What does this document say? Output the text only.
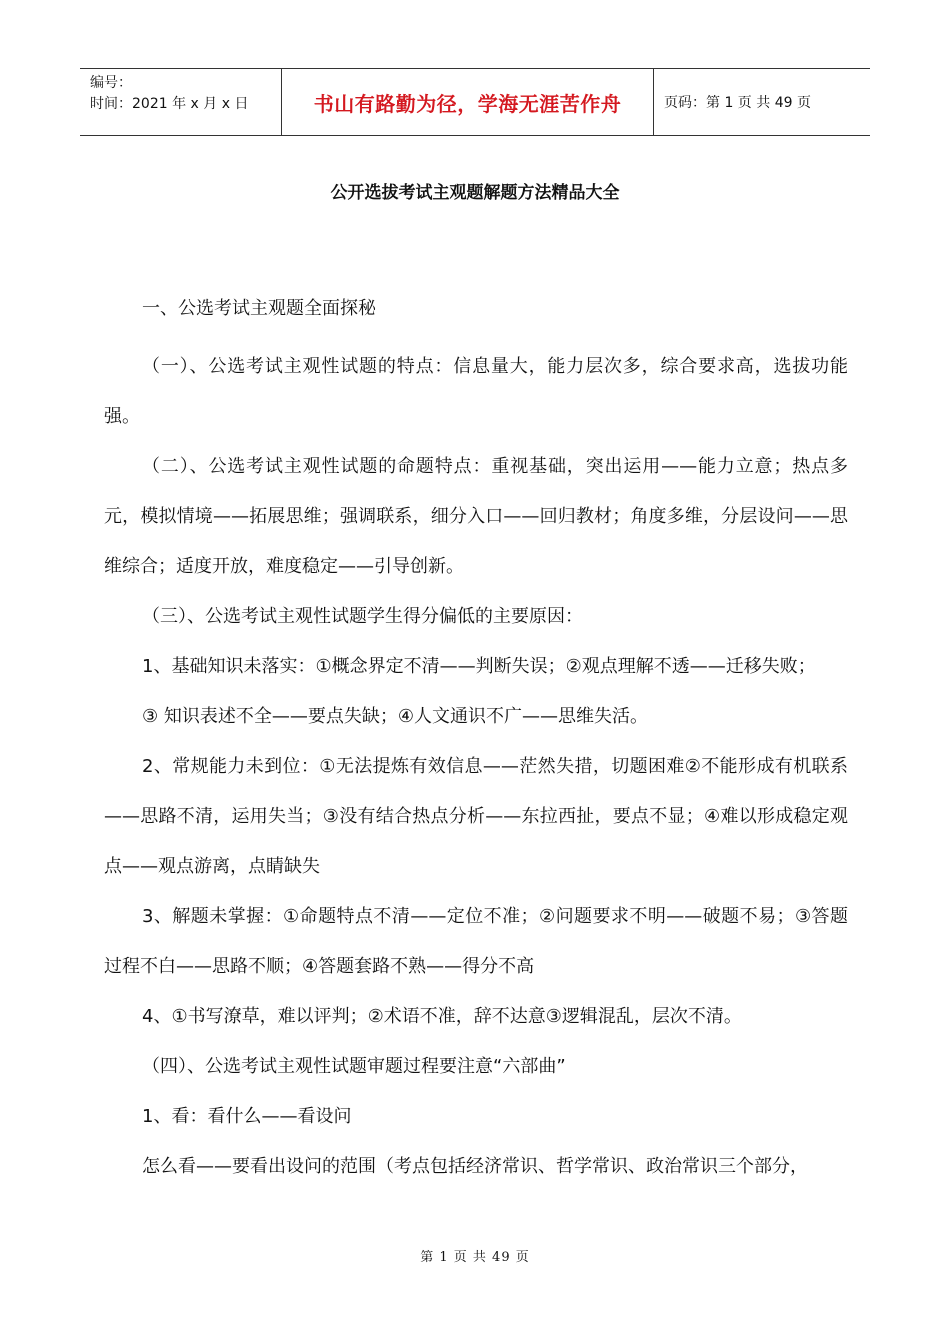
编号：
时间：2021 年 x 月 x 日	书山有路勤为径，学海无涯苦作舟	页码：第 1 页 共 49 页
公开选拔考试主观题解题方法精品大全

一、公选考试主观题全面探秘

（一）、公选考试主观性试题的特点：信息量大，能力层次多，综合要求高，选拔功能强。

（二）、公选考试主观性试题的命题特点：重视基础，突出运用——能力立意；热点多元，模拟情境——拓展思维；强调联系，细分入口——回归教材；角度多维，分层设问——思维综合；适度开放，难度稳定——引导创新。

（三）、公选考试主观性试题学生得分偏低的主要原因：

1、基础知识未落实：①概念界定不清——判断失误；②观点理解不透——迁移失败；

③ 知识表述不全——要点失缺；④人文通识不广——思维失活。

2、常规能力未到位：①无法提炼有效信息——茫然失措，切题困难②不能形成有机联系——思路不清，运用失当；③没有结合热点分析——东拉西扯，要点不显；④难以形成稳定观点——观点游离，点睛缺失

3、解题未掌握：①命题特点不清——定位不准；②问题要求不明——破题不易；③答题过程不白——思路不顺；④答题套路不熟——得分不高

4、①书写潦草，难以评判；②术语不准，辞不达意③逻辑混乱，层次不清。

（四）、公选考试主观性试题审题过程要注意“六部曲”

1、看：看什么——看设问

怎么看——要看出设问的范围（考点包括经济常识、哲学常识、政治常识三个部分，

第 1 页 共 49 页
